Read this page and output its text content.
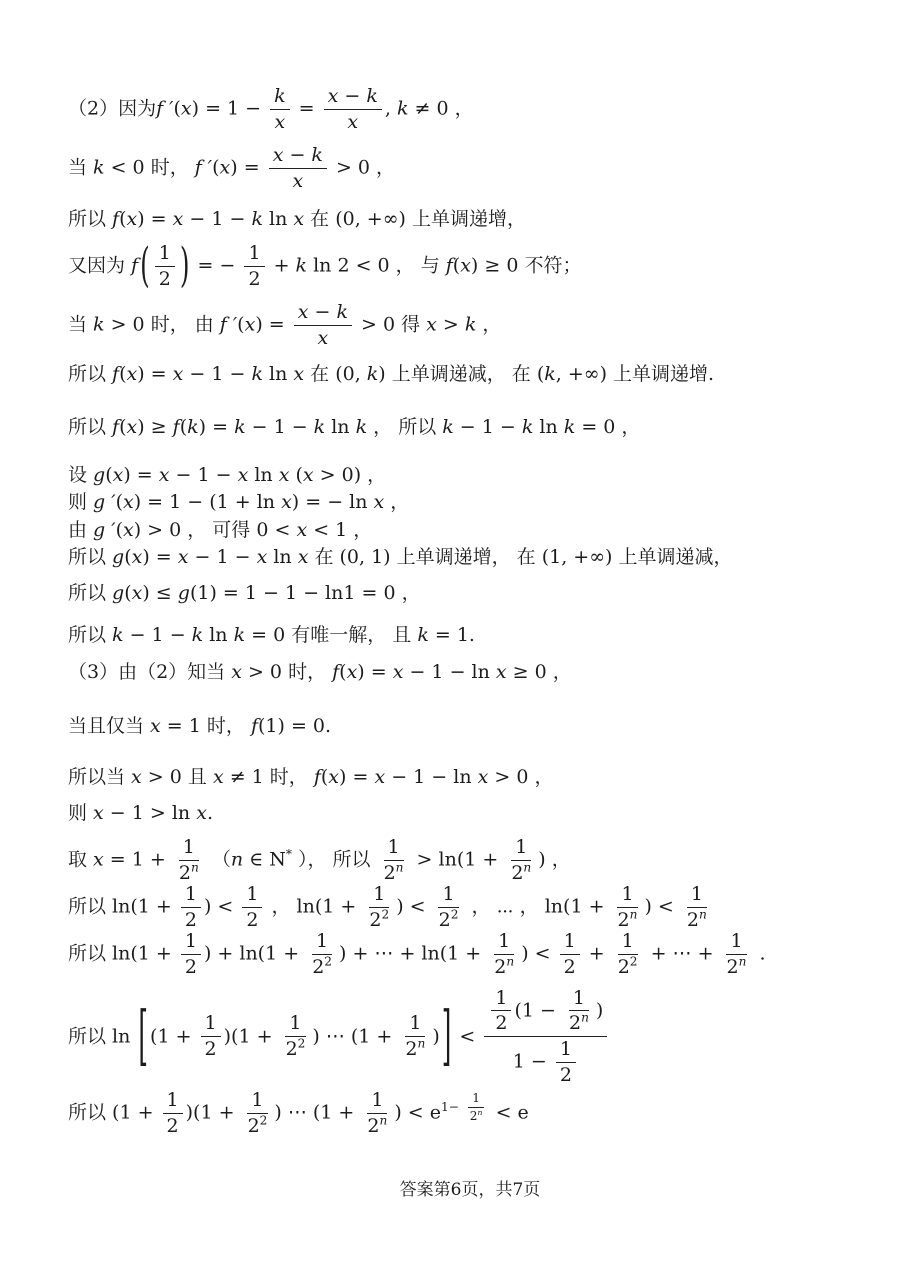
（2）因为f $'(x) = 1 - \frac{k}{x} = \frac{x - k}{x}$ , k ≠ 0 ，
当 k < 0 时， f $'(x) = \frac{x - k}{x} > 0$ ，
所以 f(x) = x − 1 − k ln x 在 (0, +∞) 上单调递增，
又因为 $f( \frac{1}{2}$ ) = − $\frac{1}{2} + k$ ln 2 < 0 ， 与 f(x) ≥ 0 不符；
当 k > 0 时， 由 f $'(x) = \frac{x - k}{x} > 0$ 得 x > k ，
所以 f(x) = x − 1 − k ln x 在 (0, k) 上单调递减， 在 (k, +∞) 上单调递增.
所以 f(x) ≥ f(k) = k − 1 − k ln k ， 所以 k − 1 − k ln k = 0 ，
设 g(x) = x − 1 − x ln x (x > 0) ，
则 g ′(x) = 1 − (1 + ln x) = − ln x ，
由 g ′(x) > 0 ， 可得 0 < x < 1 ，
所以 g(x) = x − 1 − x ln x 在 (0, 1) 上单调递增， 在 (1, +∞) 上单调递减，
所以 g(x) ≤ g(1) = 1 − 1 − ln1 = 0 ，
所以 k − 1 − k ln k = 0 有唯一解， 且 k = 1.
（3）由（2）知当 x > 0 时， f(x) = x − 1 − ln x ≥ 0 ，
当且仅当 x = 1 时， f(1) = 0.
所以当 x > 0 且 x ≠ 1 时， f(x) = x − 1 − ln x > 0 ，
则 x − 1 > ln x.
取 $x = 1 + \frac{1}{2^n} (n$ ∈ N* ）， 所以 $\frac{1}{2^n} > \ln(1 + \frac{1}{2^n}$ ) ，
所以 $\ln(1 + \frac{1}{2}$ ) < $\frac{1}{2}$ ， $\ln(1 + \frac{1}{2^2}$ ) < $\frac{1}{2^2}$ ， ⋯ ， $\ln(1 + \frac{1}{2^n}$ ) < $\frac{1}{2^n}$
所以 $\ln(1 + \frac{1}{2}$ ) + $\ln(1 + \frac{1}{2^2}$ ) + ⋯ + $\ln(1 + \frac{1}{2^n}$ ) < $\frac{1}{2} + \frac{1}{2^2}$ + ⋯ + $\frac{1}{2^n}$ .
所以 ln [ $(1 + \frac{1}{2} )(1 + \frac{1}{2^2}$ ) ⋯ ($1 + \frac{1}{2^n}$ )] < $\frac{\frac{1}{2} (1 - \frac{1}{2^n} )}{1 - \frac{1}{2}}$
所以 $(1 + \frac{1}{2} )(1 + \frac{1}{2^2}$ ) ⋯ ($1 + \frac{1}{2^n}$ ) < $e^{1- \frac{1}{2^n}} < e$
答案第6页，共7页
